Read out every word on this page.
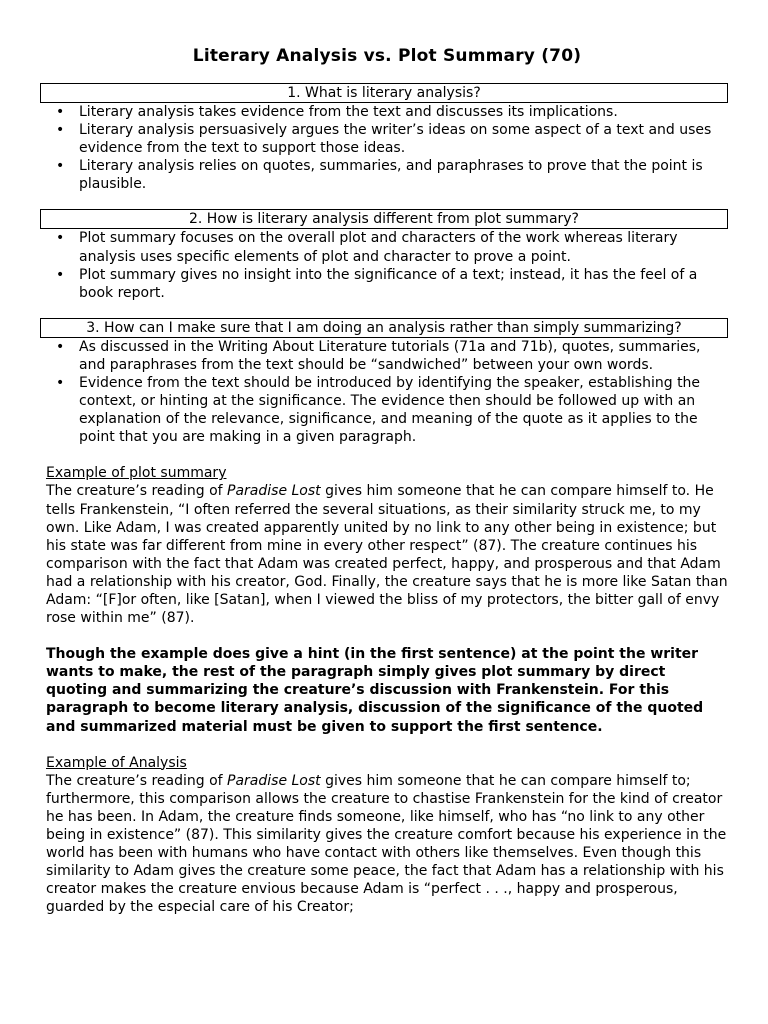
Literary Analysis vs. Plot Summary (70)
1. What is literary analysis?
• Literary analysis takes evidence from the text and discusses its implications.
• Literary analysis persuasively argues the writer’s ideas on some aspect of a text and uses evidence from the text to support those ideas.
• Literary analysis relies on quotes, summaries, and paraphrases to prove that the point is plausible.
2. How is literary analysis different from plot summary?
• Plot summary focuses on the overall plot and characters of the work whereas literary analysis uses specific elements of plot and character to prove a point.
• Plot summary gives no insight into the significance of a text; instead, it has the feel of a book report.
3. How can I make sure that I am doing an analysis rather than simply summarizing?
• As discussed in the Writing About Literature tutorials (71a and 71b), quotes, summaries, and paraphrases from the text should be “sandwiched” between your own words.
• Evidence from the text should be introduced by identifying the speaker, establishing the context, or hinting at the significance. The evidence then should be followed up with an explanation of the relevance, significance, and meaning of the quote as it applies to the point that you are making in a given paragraph.
Example of plot summary

The creature’s reading of Paradise Lost gives him someone that he can compare himself to. He tells Frankenstein, “I often referred the several situations, as their similarity struck me, to my own. Like Adam, I was created apparently united by no link to any other being in existence; but his state was far different from mine in every other respect” (87). The creature continues his comparison with the fact that Adam was created perfect, happy, and prosperous and that Adam had a relationship with his creator, God. Finally, the creature says that he is more like Satan than Adam: “[F]or often, like [Satan], when I viewed the bliss of my protectors, the bitter gall of envy rose within me” (87).

Though the example does give a hint (in the first sentence) at the point the writer wants to make, the rest of the paragraph simply gives plot summary by direct quoting and summarizing the creature’s discussion with Frankenstein. For this paragraph to become literary analysis, discussion of the significance of the quoted and summarized material must be given to support the first sentence.

Example of Analysis

The creature’s reading of Paradise Lost gives him someone that he can compare himself to; furthermore, this comparison allows the creature to chastise Frankenstein for the kind of creator he has been. In Adam, the creature finds someone, like himself, who has “no link to any other being in existence” (87). This similarity gives the creature comfort because his experience in the world has been with humans who have contact with others like themselves. Even though this similarity to Adam gives the creature some peace, the fact that Adam has a relationship with his creator makes the creature envious because Adam is “perfect . . ., happy and prosperous, guarded by the especial care of his Creator;
